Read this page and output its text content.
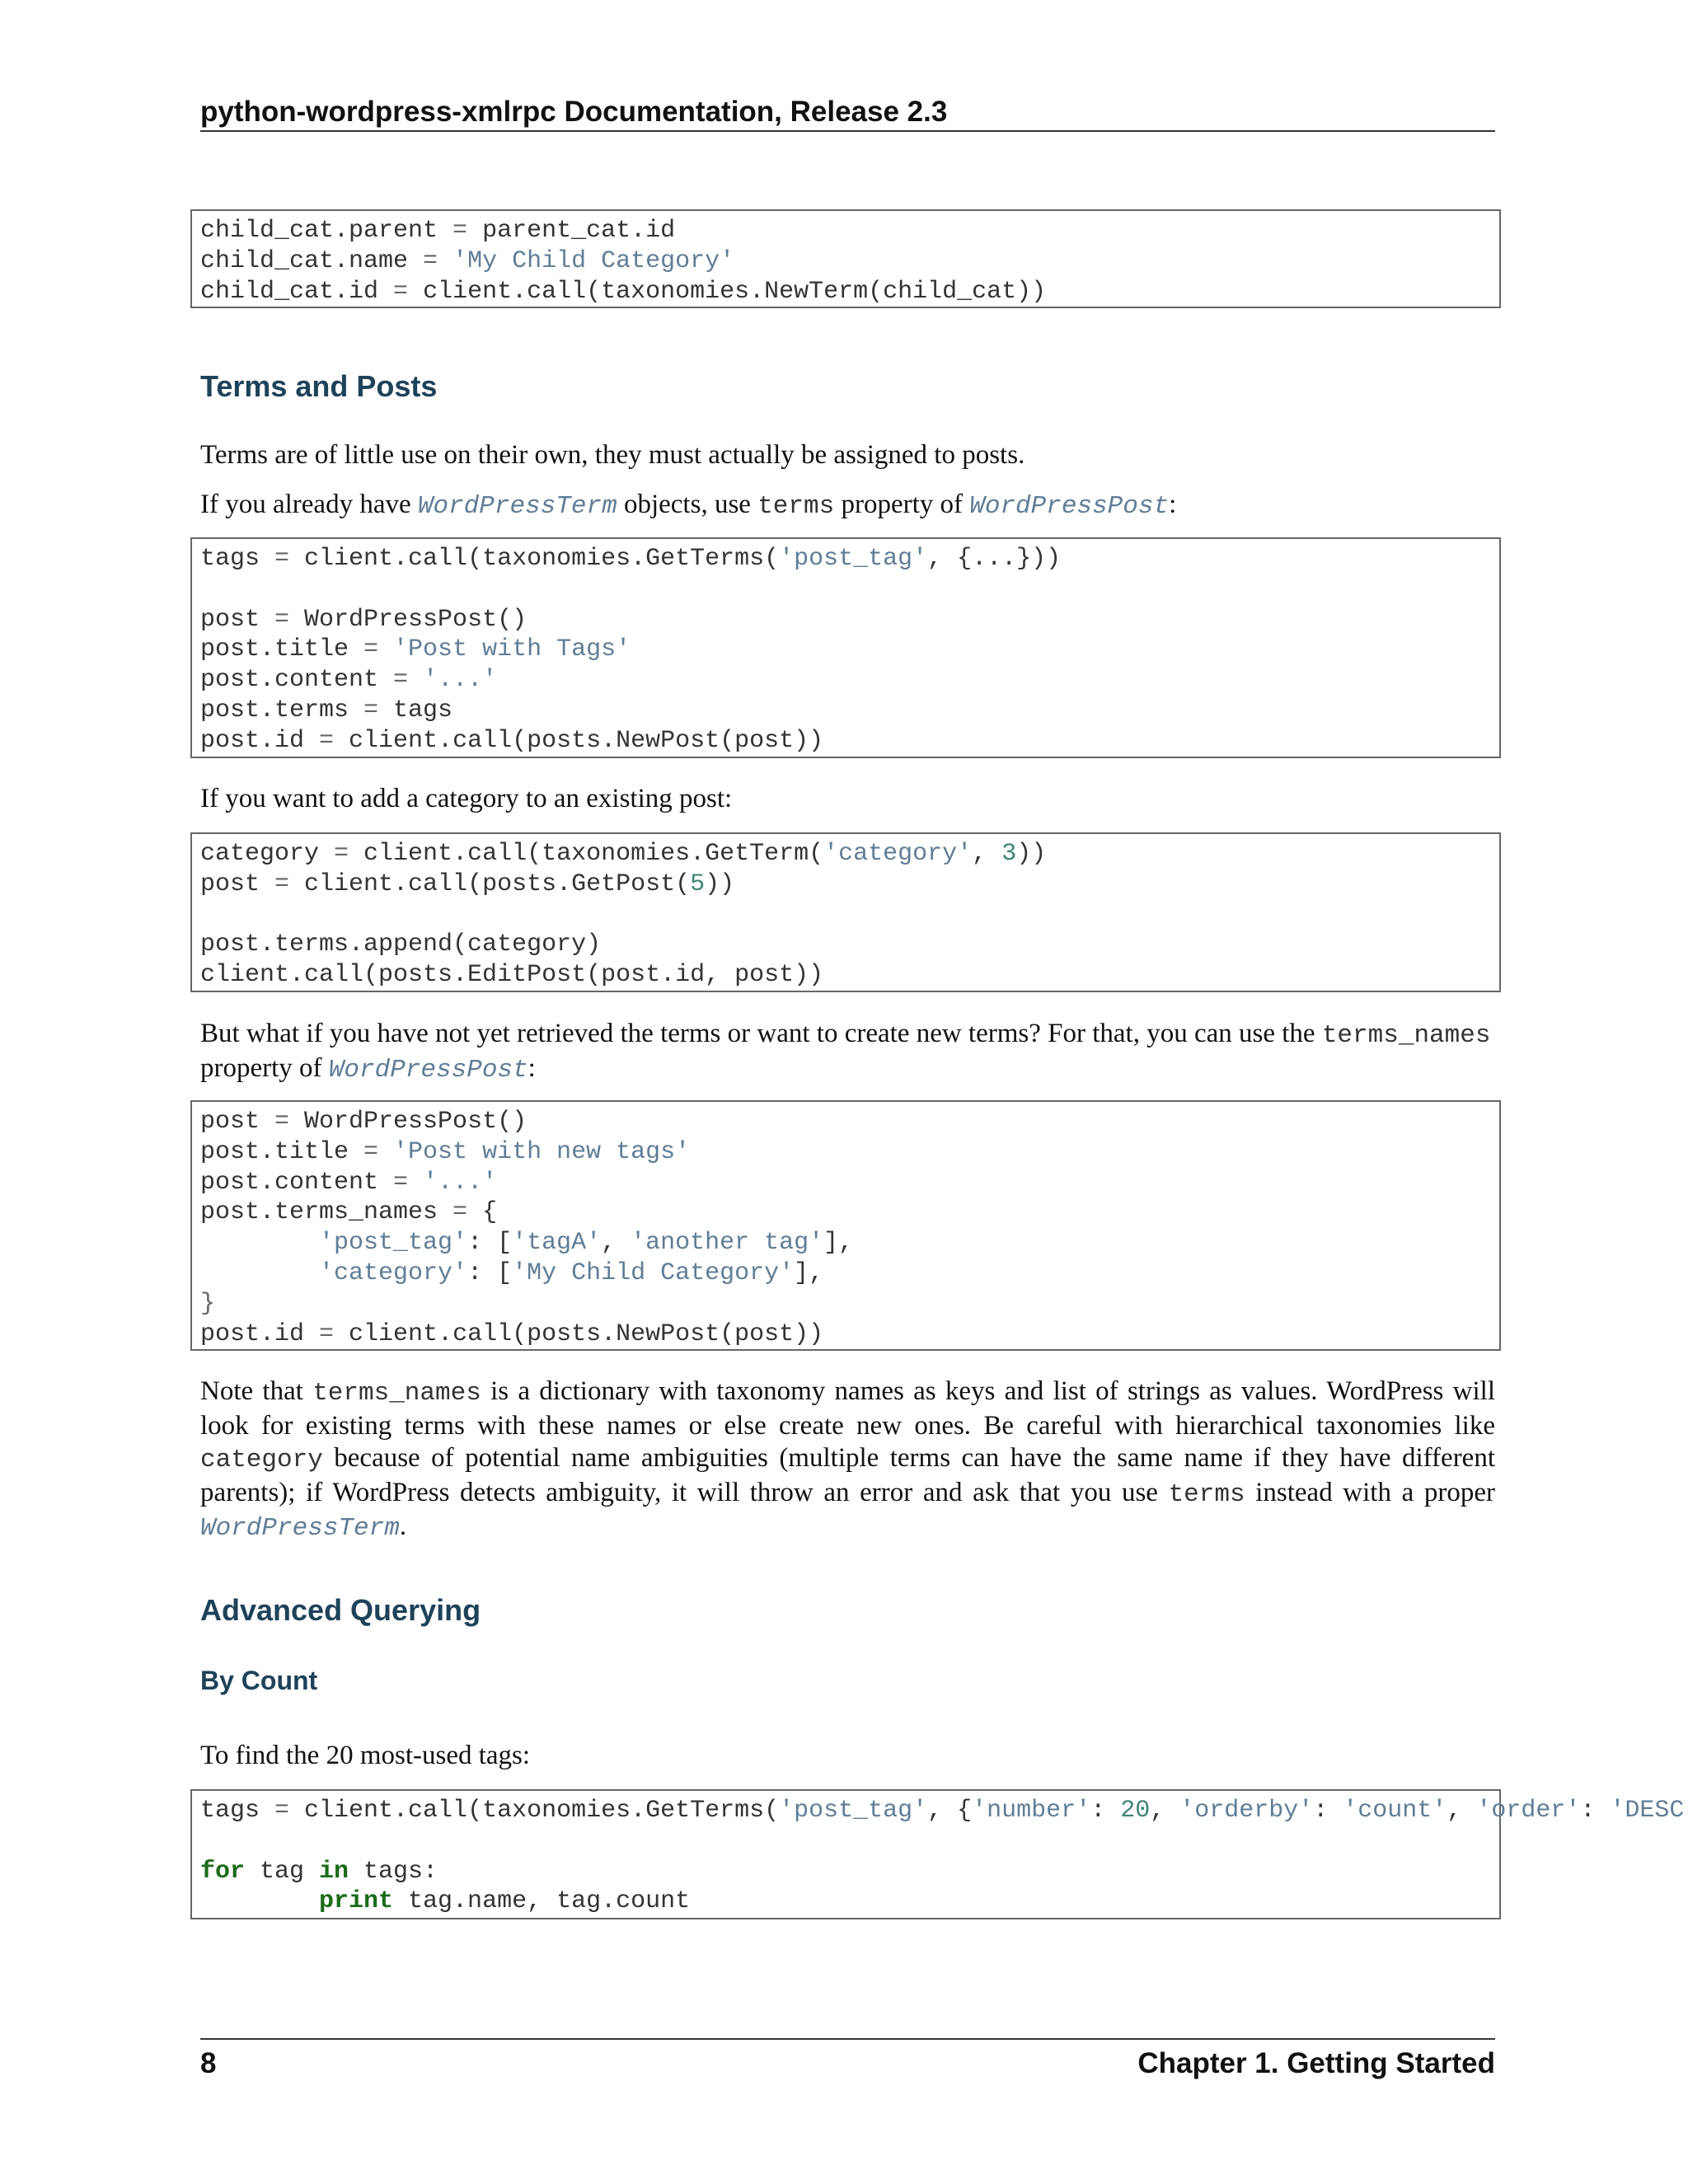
python-wordpress-xmlrpc Documentation, Release 2.3
child_cat.parent = parent_cat.id
child_cat.name = 'My Child Category'
child_cat.id = client.call(taxonomies.NewTerm(child_cat))
Terms and Posts
Terms are of little use on their own, they must actually be assigned to posts.
If you already have WordPressTerm objects, use terms property of WordPressPost:
tags = client.call(taxonomies.GetTerms('post_tag', {...}))
post = WordPressPost()
post.title = 'Post with Tags'
post.content = '...'
post.terms = tags
post.id = client.call(posts.NewPost(post))
If you want to add a category to an existing post:
category = client.call(taxonomies.GetTerm('category', 3))
post = client.call(posts.GetPost(5))
post.terms.append(category)
client.call(posts.EditPost(post.id, post))
But what if you have not yet retrieved the terms or want to create new terms? For that, you can use the terms_names
property of WordPressPost:
post = WordPressPost()
post.title = 'Post with new tags'
post.content = '...'
post.terms_names = {
'post_tag': ['tagA', 'another tag'],
'category': ['My Child Category'],
}
post.id = client.call(posts.NewPost(post))
Note that terms_names is a dictionary with taxonomy names as keys and list of strings as values. WordPress will look for existing terms with these names or else create new ones. Be careful with hierarchical taxonomies like category because of potential name ambiguities (multiple terms can have the same name if they have different parents); if WordPress detects ambiguity, it will throw an error and ask that you use terms instead with a proper WordPressTerm.
Advanced Querying
By Count
To find the 20 most-used tags:
tags = client.call(taxonomies.GetTerms('post_tag', {'number': 20, 'orderby': 'count', 'order': 'DESC
for tag in tags:
print tag.name, tag.count
8	Chapter 1. Getting Started
